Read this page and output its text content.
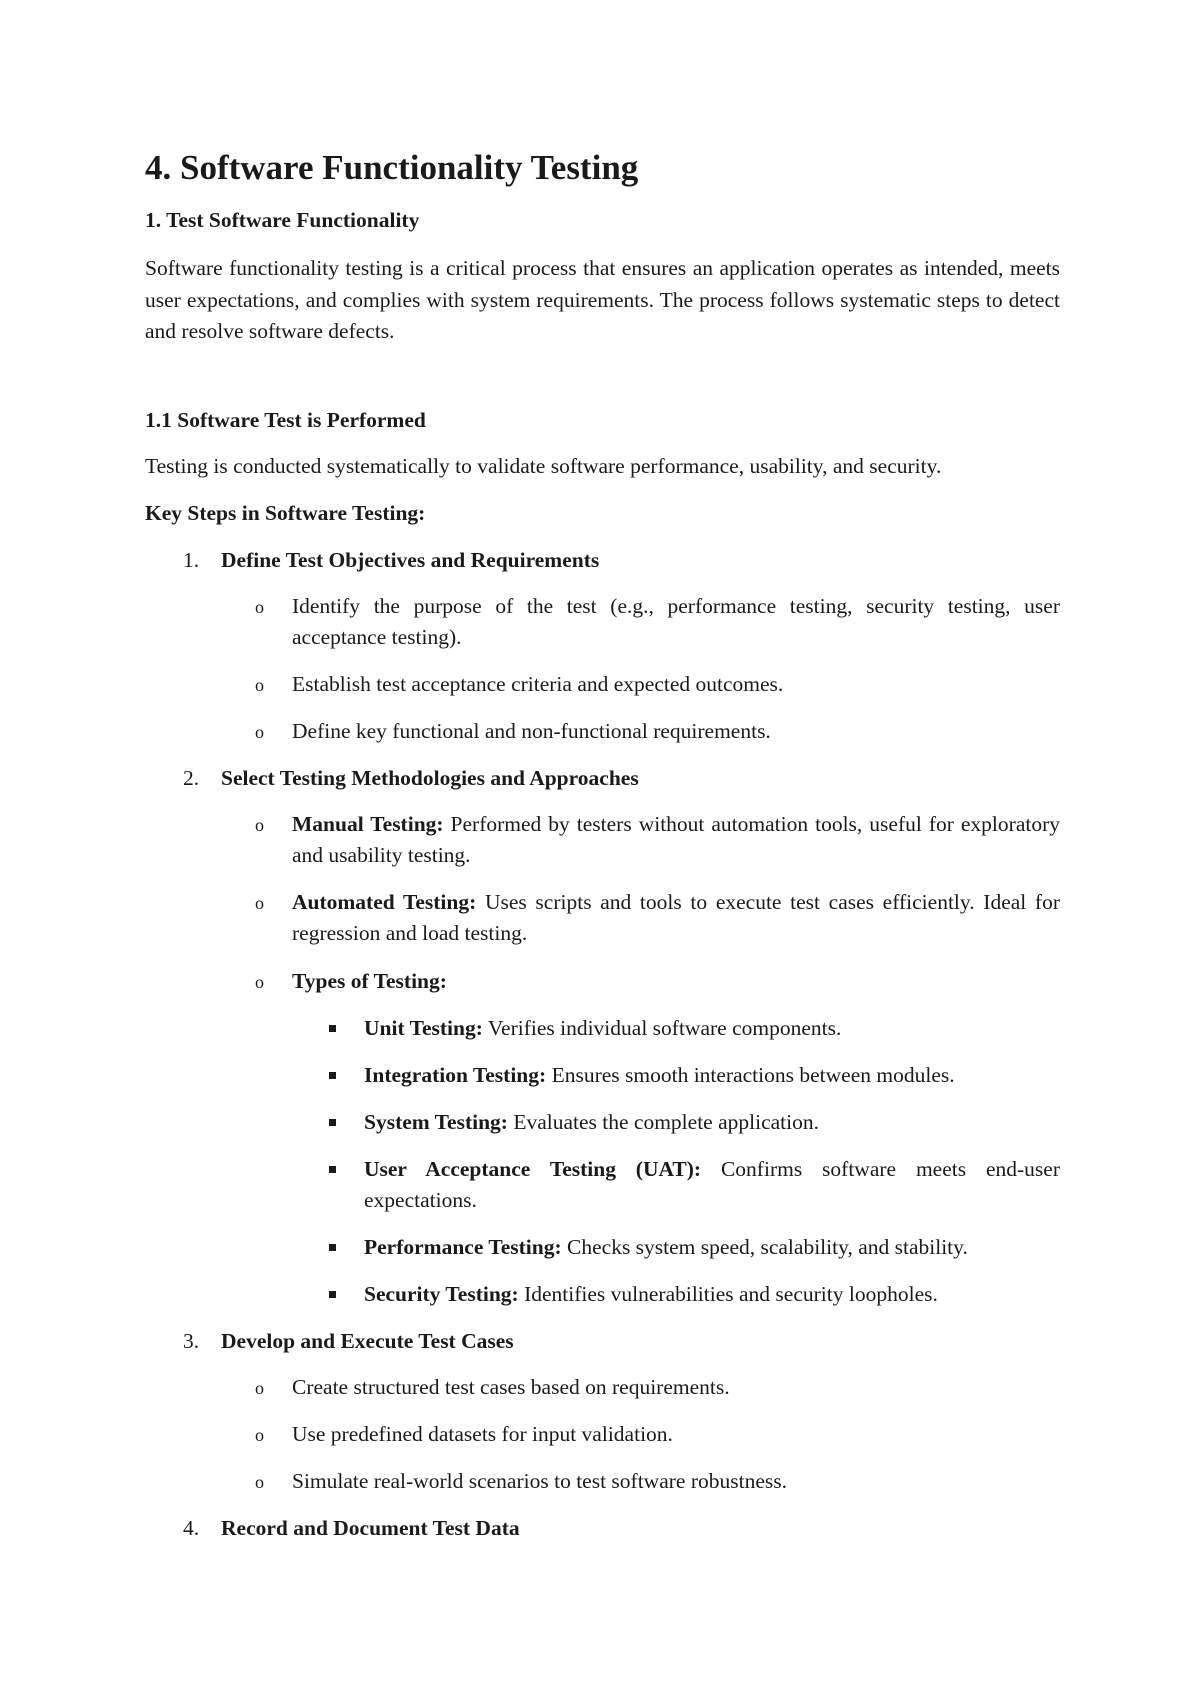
4. Software Functionality Testing
1. Test Software Functionality

Software functionality testing is a critical process that ensures an application operates as intended, meets user expectations, and complies with system requirements. The process follows systematic steps to detect and resolve software defects.

1.1 Software Test is Performed

Testing is conducted systematically to validate software performance, usability, and security.

Key Steps in Software Testing:

1.	Define Test Objectives and Requirements
o Identify the purpose of the test (e.g., performance testing, security testing, user acceptance testing).
o Establish test acceptance criteria and expected outcomes.
o Define key functional and non-functional requirements.
2.	Select Testing Methodologies and Approaches
o Manual Testing: Performed by testers without automation tools, useful for exploratory and usability testing.
o Automated Testing: Uses scripts and tools to execute test cases efficiently. Ideal for regression and load testing.
o Types of Testing:
Unit Testing: Verifies individual software components.
Integration Testing: Ensures smooth interactions between modules.
System Testing: Evaluates the complete application.
User Acceptance Testing (UAT): Confirms software meets end-user expectations.
Performance Testing: Checks system speed, scalability, and stability.
Security Testing: Identifies vulnerabilities and security loopholes.
3.	Develop and Execute Test Cases
o Create structured test cases based on requirements.
o Use predefined datasets for input validation.
o Simulate real-world scenarios to test software robustness.
4.	Record and Document Test Data
